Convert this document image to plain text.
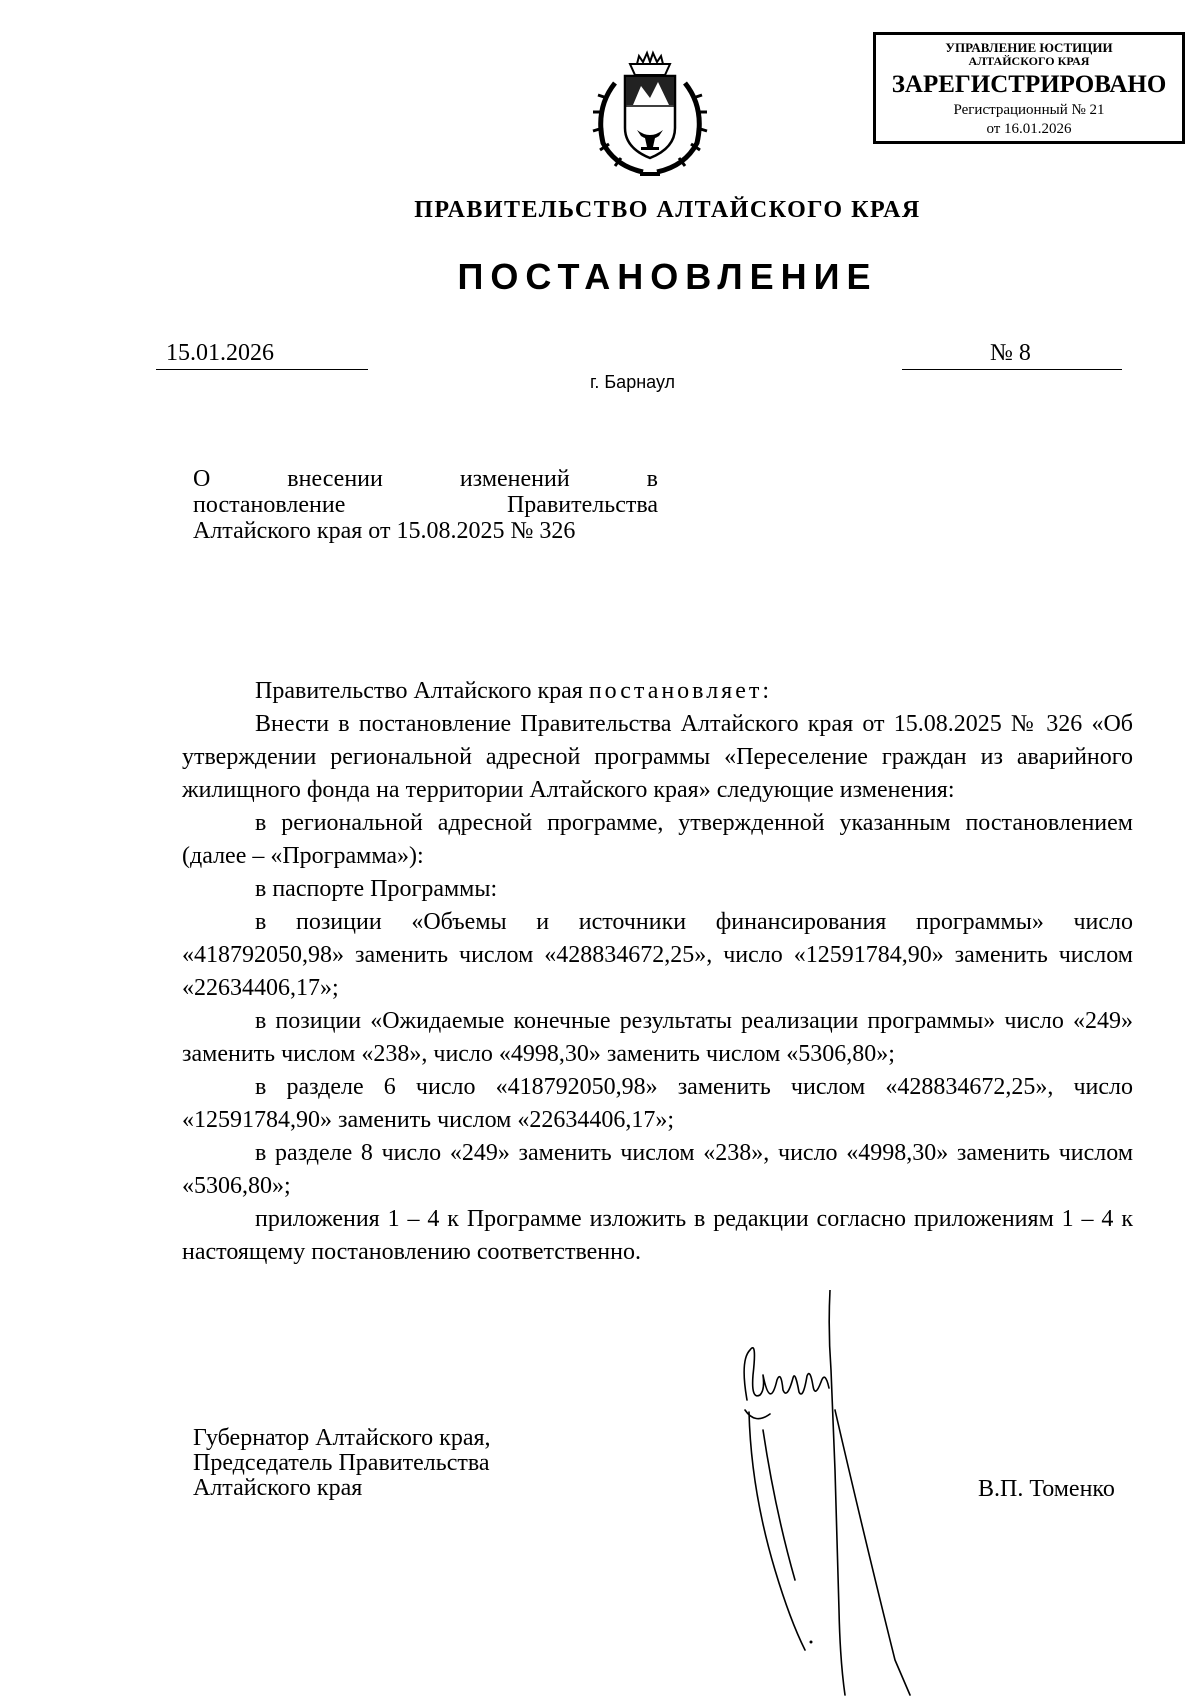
УПРАВЛЕНИЕ ЮСТИЦИИ
АЛТАЙСКОГО КРАЯ
ЗАРЕГИСТРИРОВАНО
Регистрационный № 21
от 16.01.2026
ПРАВИТЕЛЬСТВО АЛТАЙСКОГО КРАЯ
ПОСТАНОВЛЕНИЕ
15.01.2026	№ 8
г. Барнаул
О внесении изменений в
постановление Правительства
Алтайского края от 15.08.2025 № 326

Правительство Алтайского края постановляет:

Внести в постановление Правительства Алтайского края от 15.08.2025 № 326 «Об утверждении региональной адресной программы «Переселение граждан из аварийного жилищного фонда на территории Алтайского края» следующие изменения:

в региональной адресной программе, утвержденной указанным постановлением (далее – «Программа»):

в паспорте Программы:

в позиции «Объемы и источники финансирования программы» число «418792050,98» заменить числом «428834672,25», число «12591784,90» заменить числом «22634406,17»;

в позиции «Ожидаемые конечные результаты реализации программы» число «249» заменить числом «238», число «4998,30» заменить числом «5306,80»;

в разделе 6 число «418792050,98» заменить числом «428834672,25», число «12591784,90» заменить числом «22634406,17»;

в разделе 8 число «249» заменить числом «238», число «4998,30» заменить числом «5306,80»;

приложения 1 – 4 к Программе изложить в редакции согласно приложениям 1 – 4 к настоящему постановлению соответственно.

Губернатор Алтайского края,
Председатель Правительства
Алтайского края	В.П. Томенко
